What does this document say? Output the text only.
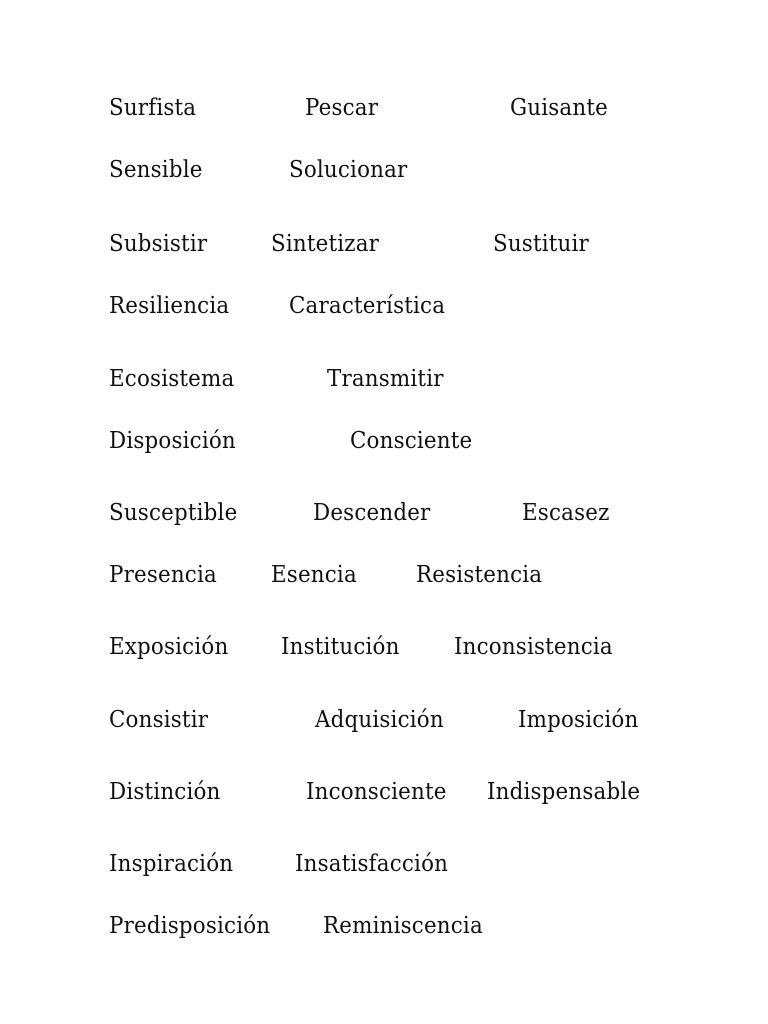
Surfista	Pescar	Guisante
Sensible	Solucionar
Subsistir	Sintetizar	Sustituir
Resiliencia	Característica
Ecosistema	Transmitir
Disposición	Consciente
Susceptible	Descender	Escasez
Presencia Esencia	Resistencia
Exposición Institución Inconsistencia
Consistir	Adquisición	Imposición
Distinción	Inconsciente Indispensable
Inspiración	Insatisfacción
Predisposición Reminiscencia
